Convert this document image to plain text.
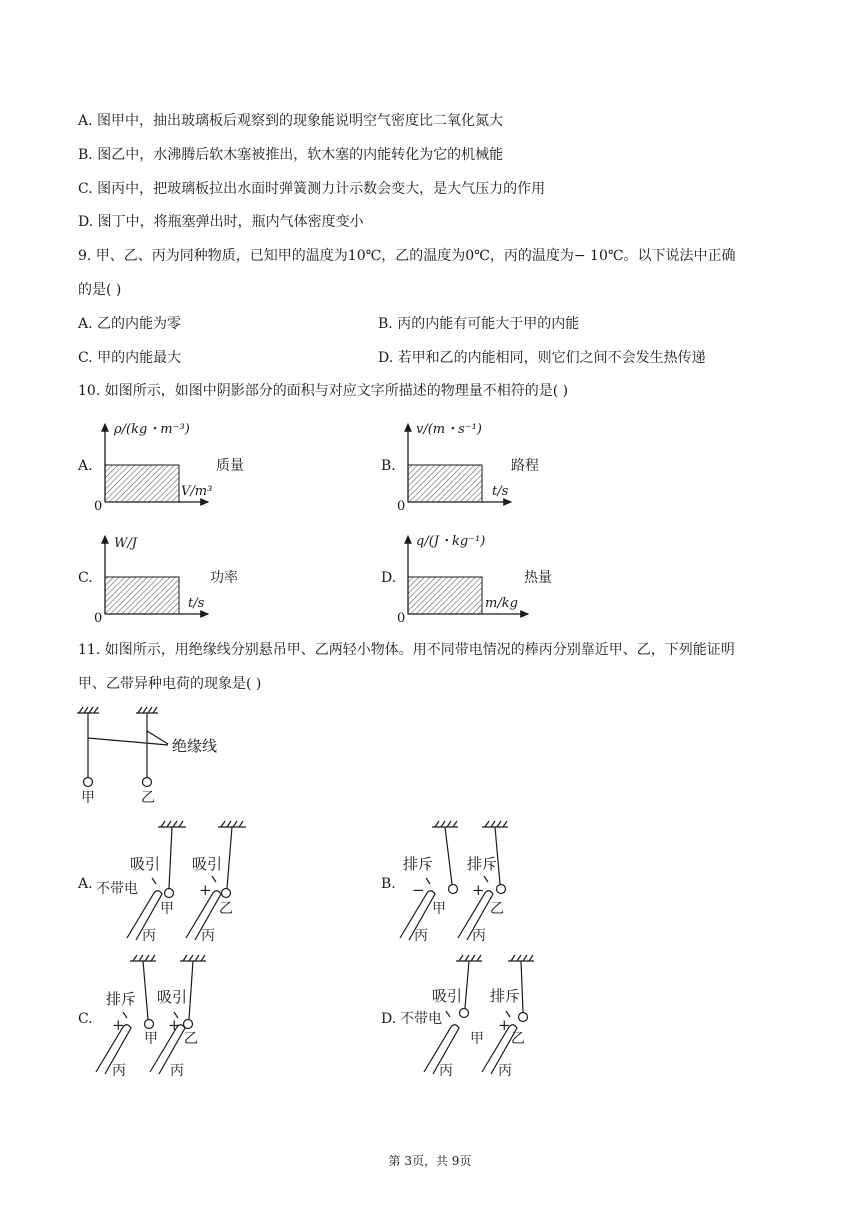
A. 图甲中，抽出玻璃板后观察到的现象能说明空气密度比二氧化氮大
B. 图乙中，水沸腾后软木塞被推出，软木塞的内能转化为它的机械能
C. 图丙中，把玻璃板拉出水面时弹簧测力计示数会变大，是大气压力的作用
D. 图丁中，将瓶塞弹出时，瓶内气体密度变小
9. 甲、乙、丙为同种物质，已知甲的温度为10℃，乙的温度为0℃，丙的温度为− 10℃。以下说法中正确
的是( )
A. 乙的内能为零	B. 丙的内能有可能大于甲的内能
C. 甲的内能最大	D. 若甲和乙的内能相同，则它们之间不会发生热传递
10. 如图所示，如图中阴影部分的面积与对应文字所描述的物理量不相符的是( )
A.
ρ/(kg・m⁻³)
V/m³
0
质量	B.
v/(m・s⁻¹)
t/s
0
路程
C.
W/J
t/s
0
功率	D.
q/(J・kg⁻¹)
m/kg
0
热量
11. 如图所示，用绝缘线分别悬吊甲、乙两轻小物体。用不同带电情况的棒丙分别靠近甲、乙，下列能证明
甲、乙带异种电荷的现象是( )
绝缘线
甲	乙
A.
吸引 吸引
不带电	+
甲	乙
丙	丙
B.
排斥 排斥
−	+
甲	乙
丙	丙
C.
排斥 吸引
+	+
甲 乙
丙	丙
D.
吸引 排斥
不带电	+
甲 乙
丙	丙
第 3页，共 9页
